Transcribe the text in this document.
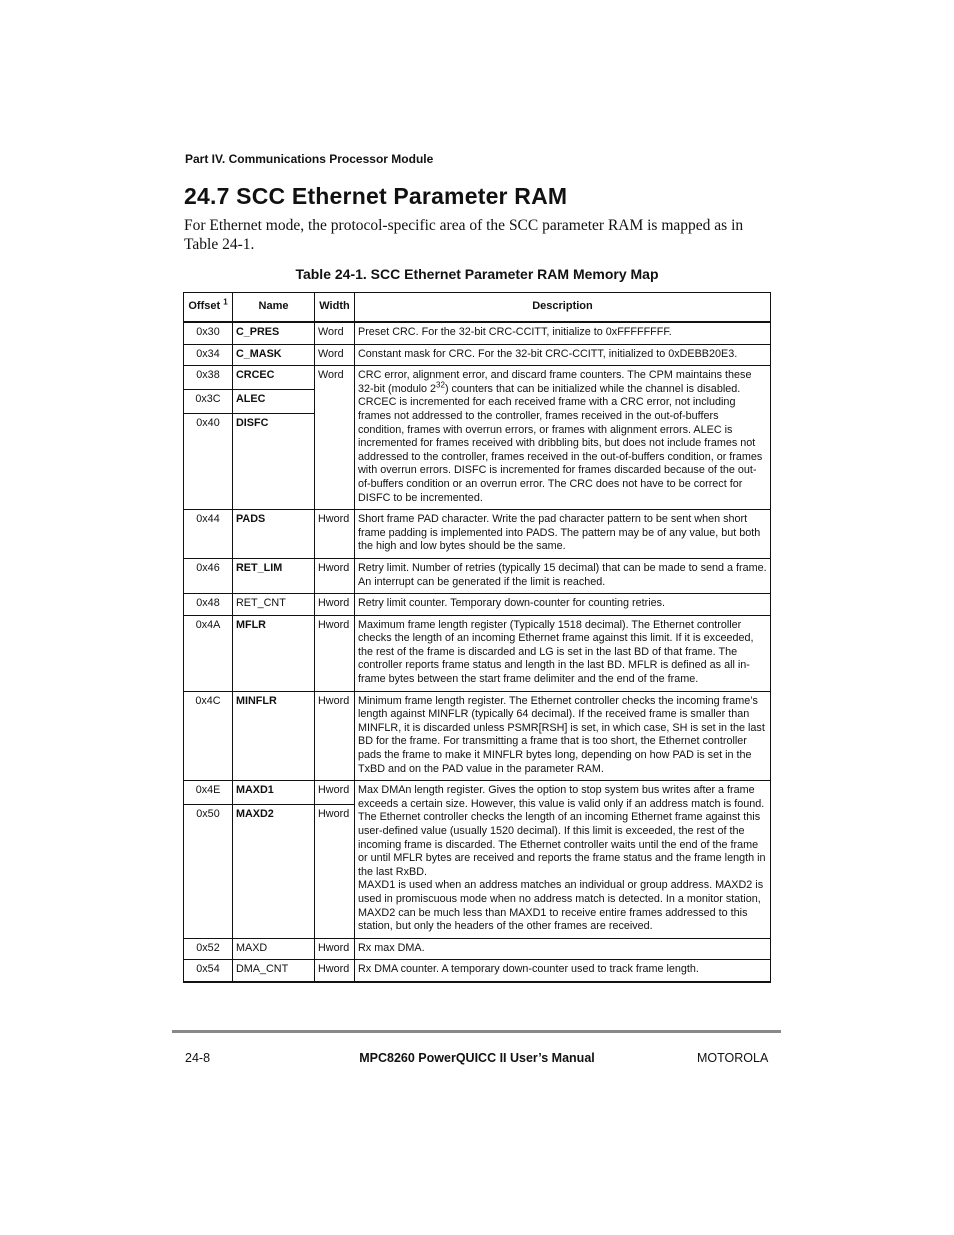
Part IV. Communications Processor Module
24.7 SCC Ethernet Parameter RAM

For Ethernet mode, the protocol-specific area of the SCC parameter RAM is mapped as in Table 24-1.

Table 24-1. SCC Ethernet Parameter RAM Memory Map
Offset $^1$	Name	Width	Description
0x30	C_PRES	Word	Preset CRC. For the 32-bit CRC-CCITT, initialize to 0xFFFFFFFF.
0x34	C_MASK	Word	Constant mask for CRC. For the 32-bit CRC-CCITT, initialized to 0xDEBB20E3.
0x38	CRCEC	Word	CRC error, alignment error, and discard frame counters. The CPM maintains these 32-bit (modulo $2^{32}$) counters that can be initialized while the channel is disabled. CRCEC is incremented for each received frame with a CRC error, not including frames not addressed to the controller, frames received in the out-of-buffers condition, frames with overrun errors, or frames with alignment errors. ALEC is incremented for frames received with dribbling bits, but does not include frames not addressed to the controller, frames received in the out-of-buffers condition, or frames with overrun errors. DISFC is incremented for frames discarded because of the out-of-buffers condition or an overrun error. The CRC does not have to be correct for DISFC to be incremented.
0x3C	ALEC		
0x40	DISFC		
0x44	PADS	Hword	Short frame PAD character. Write the pad character pattern to be sent when short frame padding is implemented into PADS. The pattern may be of any value, but both the high and low bytes should be the same.
0x46	RET_LIM	Hword	Retry limit. Number of retries (typically 15 decimal) that can be made to send a frame. An interrupt can be generated if the limit is reached.
0x48	RET_CNT	Hword	Retry limit counter. Temporary down-counter for counting retries.
0x4A	MFLR	Hword	Maximum frame length register (Typically 1518 decimal). The Ethernet controller checks the length of an incoming Ethernet frame against this limit. If it is exceeded, the rest of the frame is discarded and LG is set in the last BD of that frame. The controller reports frame status and length in the last BD. MFLR is defined as all in-frame bytes between the start frame delimiter and the end of the frame.
0x4C	MINFLR	Hword	Minimum frame length register. The Ethernet controller checks the incoming frame’s length against MINFLR (typically 64 decimal). If the received frame is smaller than MINFLR, it is discarded unless PSMR[RSH] is set, in which case, SH is set in the last BD for the frame. For transmitting a frame that is too short, the Ethernet controller pads the frame to make it MINFLR bytes long, depending on how PAD is set in the TxBD and on the PAD value in the parameter RAM.
0x4E	MAXD1	Hword	Max DMAn length register. Gives the option to stop system bus writes after a frame exceeds a certain size. However, this value is valid only if an address match is found. The Ethernet controller checks the length of an incoming Ethernet frame against this user-defined value (usually 1520 decimal). If this limit is exceeded, the rest of the incoming frame is discarded. The Ethernet controller waits until the end of the frame or until MFLR bytes are received and reports the frame status and the frame length in the last RxBD.
MAXD1 is used when an address matches an individual or group address. MAXD2 is used in promiscuous mode when no address match is detected. In a monitor station, MAXD2 can be much less than MAXD1 to receive entire frames addressed to this station, but only the headers of the other frames are received.

0x50	MAXD2	Hword	
0x52	MAXD	Hword	Rx max DMA.
0x54	DMA_CNT	Hword	Rx DMA counter. A temporary down-counter used to track frame length.
24-8	MPC8260 PowerQUICC II User’s Manual	MOTOROLA
